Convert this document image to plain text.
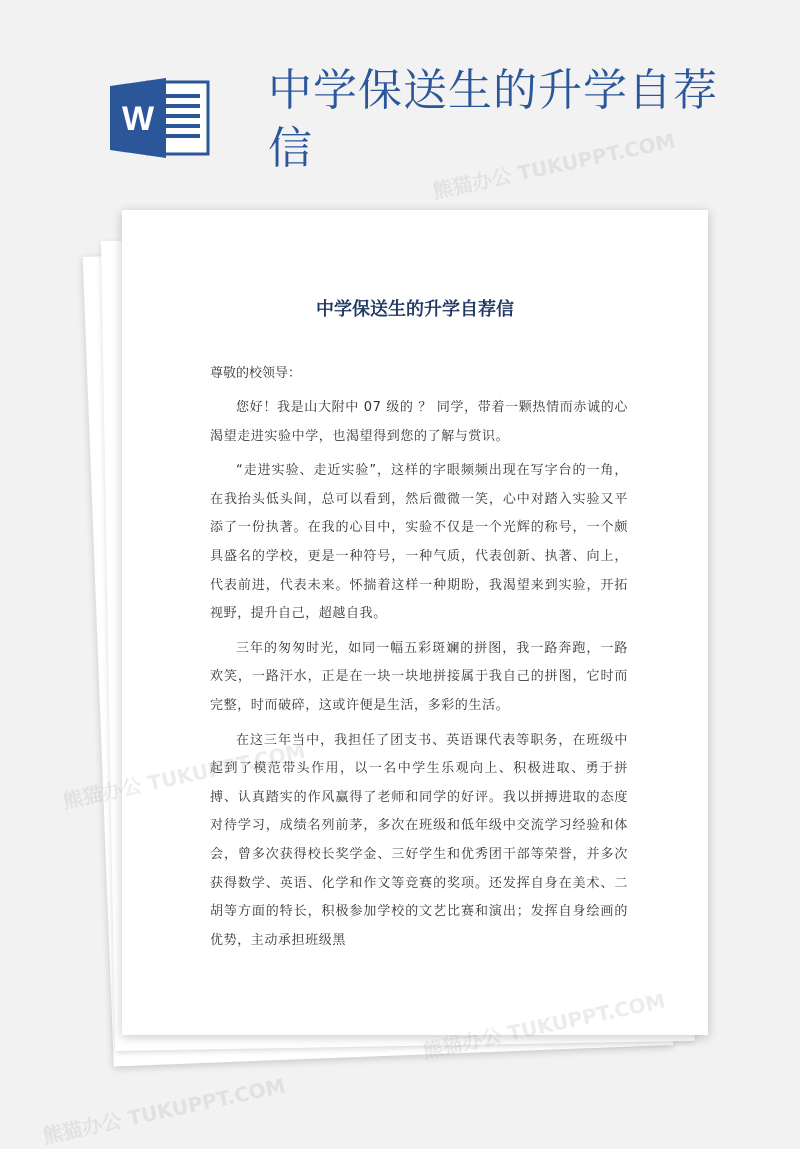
W
中学保送生的升学自荐信
中学保送生的升学自荐信
尊敬的校领导：

您好！我是山大附中 07 级的 ？ 同学，带着一颗热情而赤诚的心渴望走进实验中学，也渴望得到您的了解与赏识。

“走进实验、走近实验”，这样的字眼频频出现在写字台的一角，在我抬头低头间，总可以看到，然后微微一笑，心中对踏入实验又平添了一份执著。在我的心目中，实验不仅是一个光辉的称号，一个颇具盛名的学校，更是一种符号，一种气质，代表创新、执著、向上，代表前进，代表未来。怀揣着这样一种期盼，我渴望来到实验，开拓视野，提升自己，超越自我。

三年的匆匆时光，如同一幅五彩斑斓的拼图，我一路奔跑，一路欢笑，一路汗水，正是在一块一块地拼接属于我自己的拼图，它时而完整，时而破碎，这或许便是生活，多彩的生活。

在这三年当中，我担任了团支书、英语课代表等职务，在班级中起到了模范带头作用，以一名中学生乐观向上、积极进取、勇于拼搏、认真踏实的作风赢得了老师和同学的好评。我以拼搏进取的态度对待学习，成绩名列前茅，多次在班级和低年级中交流学习经验和体会，曾多次获得校长奖学金、三好学生和优秀团干部等荣誉，并多次获得数学、英语、化学和作文等竞赛的奖项。还发挥自身在美术、二胡等方面的特长，积极参加学校的文艺比赛和演出；发挥自身绘画的优势，主动承担班级黑

熊猫办公 TUKUPPT.COM
熊猫办公
熊猫办公 TUKUPPT.COM
